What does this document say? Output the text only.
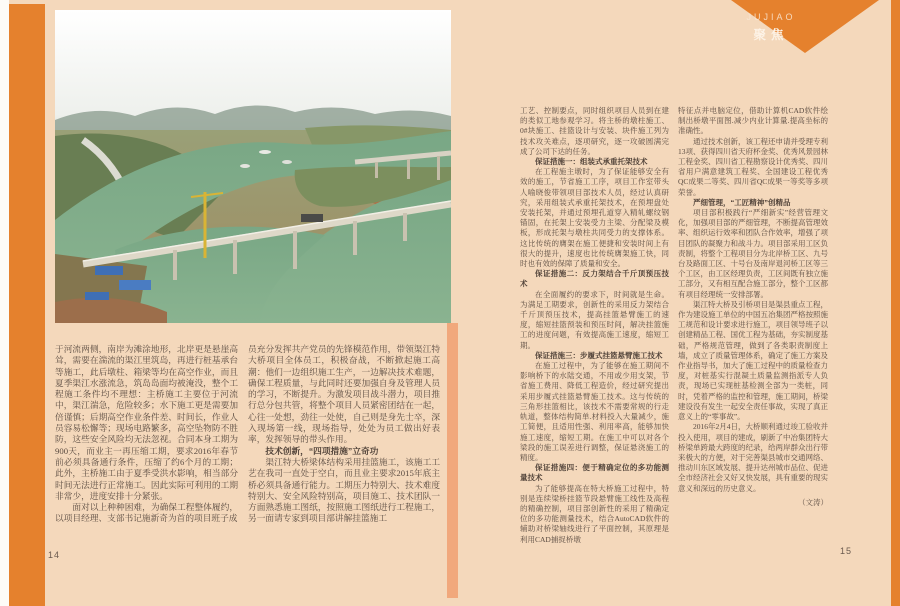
JUJIAO
聚焦

于河流两侧，南岸为滩涂地形，北岸更是悬崖高耸，需要在湍流的渠江里筑岛，再进行桩基承台等施工，此后墩柱、箱梁等均在高空作业，而且夏季渠江水涨流急，筑岛岛面均被淹没，整个工程施工条件均不理想：主桥施工主要位于河流中，渠江湍急，危险较多；水下施工更是需要加倍谨慎；后期高空作业条件差、时间长，作业人员容易松懈等；现场电路繁多，高空坠物防不胜防，这些安全风险均无法忽视。合同本身工期为900天，而业主一再压缩工期，要求2016年春节前必须具备通行条件，压缩了约6个月的工期；此外，主桥施工由于夏季受洪水影响，相当部分时间无法进行正常施工。因此实际可利用的工期非常少，进度安排十分紧张。

面对以上种种困难，为确保工程整体履约，以项目经理、支部书记施新奇为首的项目班子成

员充分发挥共产党员的先锋模范作用，带领渠江特大桥项目全体员工，积极奋战，不断掀起施工高潮：他们一边组织施工生产，一边解决技术难题，确保工程质量，与此同时还要加强自身及管理人员的学习，不断提升。为激发项目战斗潜力，项目推行总分包共管，将整个项目人员紧密团结在一起，心往一处想，劲往一处使，自己则是身先士卒，深入现场第一线，现场指导，处处为员工做出好表率，发挥领导的带头作用。

技术创新，“四项措施”立奇功

渠江特大桥梁体结构采用挂篮施工，该施工工艺在我司一直处于空白，而且业主要求2015年底主桥必须具备通行能力。工期压力特别大、技术难度特别大、安全风险特别高，项目施工、技术团队一方面熟悉施工图纸，按照施工图纸进行工程施工，另一面请专家到项目部讲解挂篮施工

工艺、控制要点，同时组织项目人员到在建的类似工地参观学习。将主桥的墩柱施工、0#块施工、挂篮设计与安装、块件施工列为技术攻关难点，逐项研究，逐一攻破圆满完成了公司下达的任务。

保证措施一：组装式承重托架技术

在工程施主墩时，为了保证能够安全有效的施工，节省施工工序，项目工作室带头人喻晓俊带领项目部技术人员，经过认真研究，采用组装式承重托架技术，在预埋盘处安装托架，并通过预埋孔道穿入精轧螺纹钢锚固，在托架上安装受力主梁、分配梁及模板，形成托架与墩柱共同受力的支撑体系。这比传统的膺架在施工便捷和安装时间上有很大的提升，速度也比传统膺架施工快，同时也有效的保障了质量和安全。

保证措施二：反力架结合千斤顶预压技术

在全面履约的要求下，时间就是生命。为满足工期要求，创新性的采用反力架结合千斤顶预压技术，提高挂篮悬臂施工的速度，缩短挂篮预装和预压时间，解决挂篮施工的进度问题，有效提高施工速度，缩短工期。

保证措施三：步履式挂篮悬臂施工技术

在施工过程中，为了能够在施工期间不影响桥下的水陆交通，不用或少用支架，节省施工费用、降低工程造价，经过研究提出采用步履式挂篮悬臂施工技术。这与传统的三角形挂篮相比，该技术不需要常规的行走轨道，整体结构简单.材料投入大量减少，施工简便，且适用性强、利用率高，能够加快施工速度，缩短工期。在施工中可以对各个梁段的施工误差进行调整，保证悬浇施工的精度。

保证措施四：便于精确定位的多功能测量技术

为了能够提高在特大桥施工过程中，特别是连续梁桥挂篮节段悬臂施工线性及高程的精确控制，项目部创新性的采用了精确定位的多功能测量技术，结合AutoCAD软件的辅助对桥梁轴线进行了平面控制，其原理是利用CAD捕捉桥墩

特征点并电脑定位，借助计算机CAD软件绘制出桥墩平面图.减少内业计算量.提高坐标的准确性。

通过技术创新，该工程还申请并受理专利13项、获得四川省天府杯金奖、优秀风景园林工程金奖、四川省工程勘察设计优秀奖、四川省用户满意建筑工程奖、全国建设工程优秀QC成果二等奖、四川省QC成果一等奖等多项荣誉。

严细管理，“工匠精神”创精品

项目部积极践行“严细新实”经营管理文化，加强项目部的严细管理，不断提高管理效率、组织运行效率和团队合作效率，增强了项目团队的凝聚力和战斗力。项目部采用工区负责制，将整个工程项目分为北岸桥工区、九号台及路面工区、十号台及南岸退河桥工区等三个工区，由工区经理负责，工区间既有独立施工部分，又有相互配合施工部分，整个工区都有项目经理统一安排部署。

渠江特大桥及引桥项目是渠县重点工程，作为建设施工单位的中国五冶集团严格按照施工规范和设计要求进行施工，项目领导班子以创建精品工程、国优工程为基础，夯实制度基础，严格规范管理，做到了各类职责制度上墙，成立了质量管理体系，确定了施工方案及作业指导书，加大了施工过程中的质量检查力度，对桩基实行混凝土质量监测指派专人负责，现场已实现桩基检测全部为一类桩，同时，凭着严格的监控和管理，施工期间，桥梁建设没有发生一起安全责任事故，实现了真正意义上的“零事故”。

2016年2月4日，大桥顺利通过竣工验收并投入使用，项目的建成，刷新了中冶集团特大桥梁单跨最大跨度的纪录，给两岸群众出行带来极大的方便，对于完善渠县城市交通网络、推动川东区域发展、提升达州城市品位、促进全市经济社会又好又快发展，具有重要的现实意义和深远的历史意义。

（文涛）

14	15
